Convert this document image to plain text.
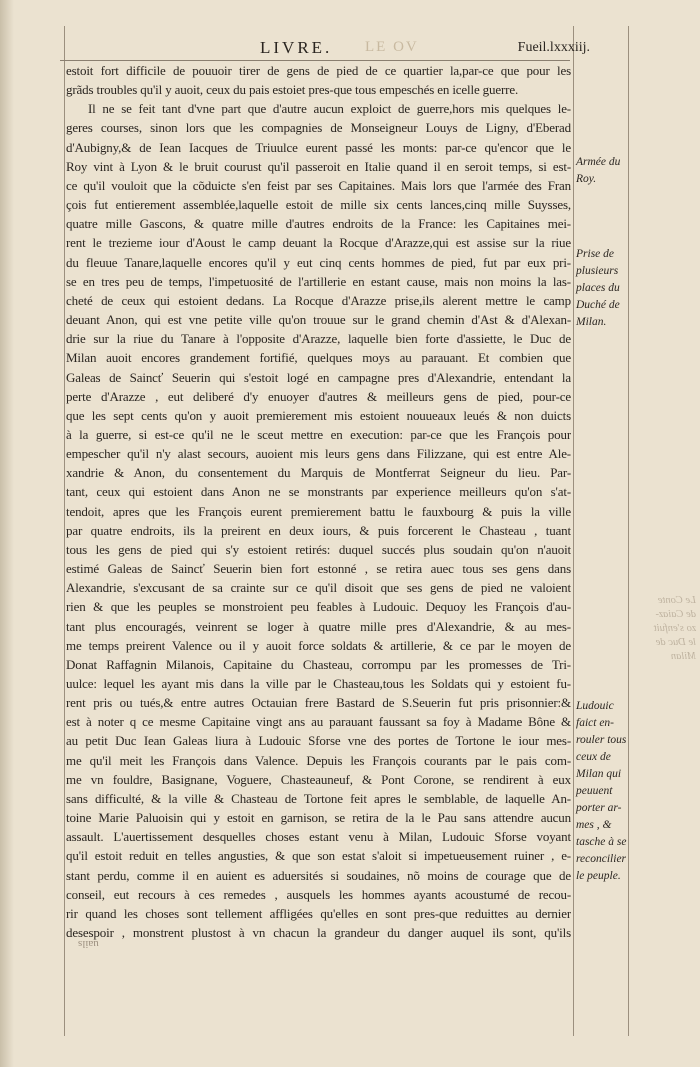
LIVRE. LE OV	Fueil.lxxxiij.
estoit fort difficile de pouuoir tirer de gens de pied de ce quartier la,par-ce que pour les
grãds troubles qu'il y auoit, ceux du pais estoiet pres-que tous empeschés en icelle guerre.
Il ne se feit tant d'vne part que d'autre aucun exploict de guerre,hors mis quelques le-
geres courses, sinon lors que les compagnies de Monseigneur Louys de Ligny, d'Eberad
d'Aubigny,& de Iean Iacques de Triuulce eurent passé les monts: par-ce qu'encor que le
Roy vint à Lyon & le bruit courust qu'il passeroit en Italie quand il en seroit temps, si est-
ce qu'il vouloit que la cõduicte s'en feist par ses Capitaines. Mais lors que l'armée des Fran
çois fut entierement assemblée,laquelle estoit de mille six cents lances,cinq mille Suysses,
quatre mille Gascons, & quatre mille d'autres endroits de la France: les Capitaines mei-
rent le trezieme iour d'Aoust le camp deuant la Rocque d'Arazze,qui est assise sur la riue
du fleuue Tanare,laquelle encores qu'il y eut cinq cents hommes de pied, fut par eux pri-
se en tres peu de temps, l'impetuosité de l'artillerie en estant cause, mais non moins la las-
cheté de ceux qui estoient dedans. La Rocque d'Arazze prise,ils alerent mettre le camp
deuant Anon, qui est vne petite ville qu'on trouue sur le grand chemin d'Ast & d'Alexan-
drie sur la riue du Tanare à l'opposite d'Arazze, laquelle bien forte d'assiette, le Duc de
Milan auoit encores grandement fortifié, quelques moys au parauant. Et combien que
Galeas de Saincť Seuerin qui s'estoit logé en campagne pres d'Alexandrie, entendant la
perte d'Arazze , eut deliberé d'y enuoyer d'autres & meilleurs gens de pied, pour-ce
que les sept cents qu'on y auoit premierement mis estoient nouueaux leués & non duicts
à la guerre, si est-ce qu'il ne le sceut mettre en execution: par-ce que les François pour
empescher qu'il n'y alast secours, auoient mis leurs gens dans Filizzane, qui est entre Ale-
xandrie & Anon, du consentement du Marquis de Montferrat Seigneur du lieu. Par-
tant, ceux qui estoient dans Anon ne se monstrants par experience meilleurs qu'on s'at-
tendoit, apres que les François eurent premierement battu le fauxbourg & puis la ville
par quatre endroits, ils la preirent en deux iours, & puis forcerent le Chasteau , tuant
tous les gens de pied qui s'y estoient retirés: duquel succés plus soudain qu'on n'auoit
estimé Galeas de Saincť Seuerin bien fort estonné , se retira auec tous ses gens dans
Alexandrie, s'excusant de sa crainte sur ce qu'il disoit que ses gens de pied ne valoient
rien & que les peuples se monstroient peu feables à Ludouic. Dequoy les François d'au-
tant plus encouragés, veinrent se loger à quatre mille pres d'Alexandrie, & au mes-
me temps preirent Valence ou il y auoit force soldats & artillerie, & ce par le moyen de
Donat Raffagnin Milanois, Capitaine du Chasteau, corrompu par les promesses de Tri-
uulce: lequel les ayant mis dans la ville par le Chasteau,tous les Soldats qui y estoient fu-
rent pris ou tués,& entre autres Octauian frere Bastard de S.Seuerin fut pris prisonnier:&
est à noter q ce mesme Capitaine vingt ans au parauant faussant sa foy à Madame Bône &
au petit Duc Iean Galeas liura à Ludouic Sforse vne des portes de Tortone le iour mes-
me qu'il meit les François dans Valence. Depuis les François courants par le pais com-
me vn fouldre, Basignane, Voguere, Chasteauneuf, & Pont Corone, se rendirent à eux
sans difficulté, & la ville & Chasteau de Tortone feit apres le semblable, de laquelle An-
toine Marie Paluoisin qui y estoit en garnison, se retira de la le Pau sans attendre aucun
assault. L'auertissement desquelles choses estant venu à Milan, Ludouic Sforse voyant
qu'il estoit reduit en telles angusties, & que son estat s'aloit si impetueusement ruiner , e-
stant perdu, comme il en auient es aduersités si soudaines, nõ moins de courage que de
conseil, eut recours à ces remedes , ausquels les hommes ayants acoustumé de recou-
rir quand les choses sont tellement affligées qu'elles en sont pres-que reduittes au dernier
desespoir , monstrent plustost à vn chacun la grandeur du danger auquel ils sont, qu'ils
uails
Armée du
Roy.
Prise de
plusieurs
places du
Duché de
Milan.
Ludouic
faict en-
rouler tous
ceux de
Milan qui
peuuent
porter ar-
mes , &
tasche à se
reconcilier
le peuple.
Le Conte
de Caiaz-
zo s'enfuit
le Duc de
Milan
